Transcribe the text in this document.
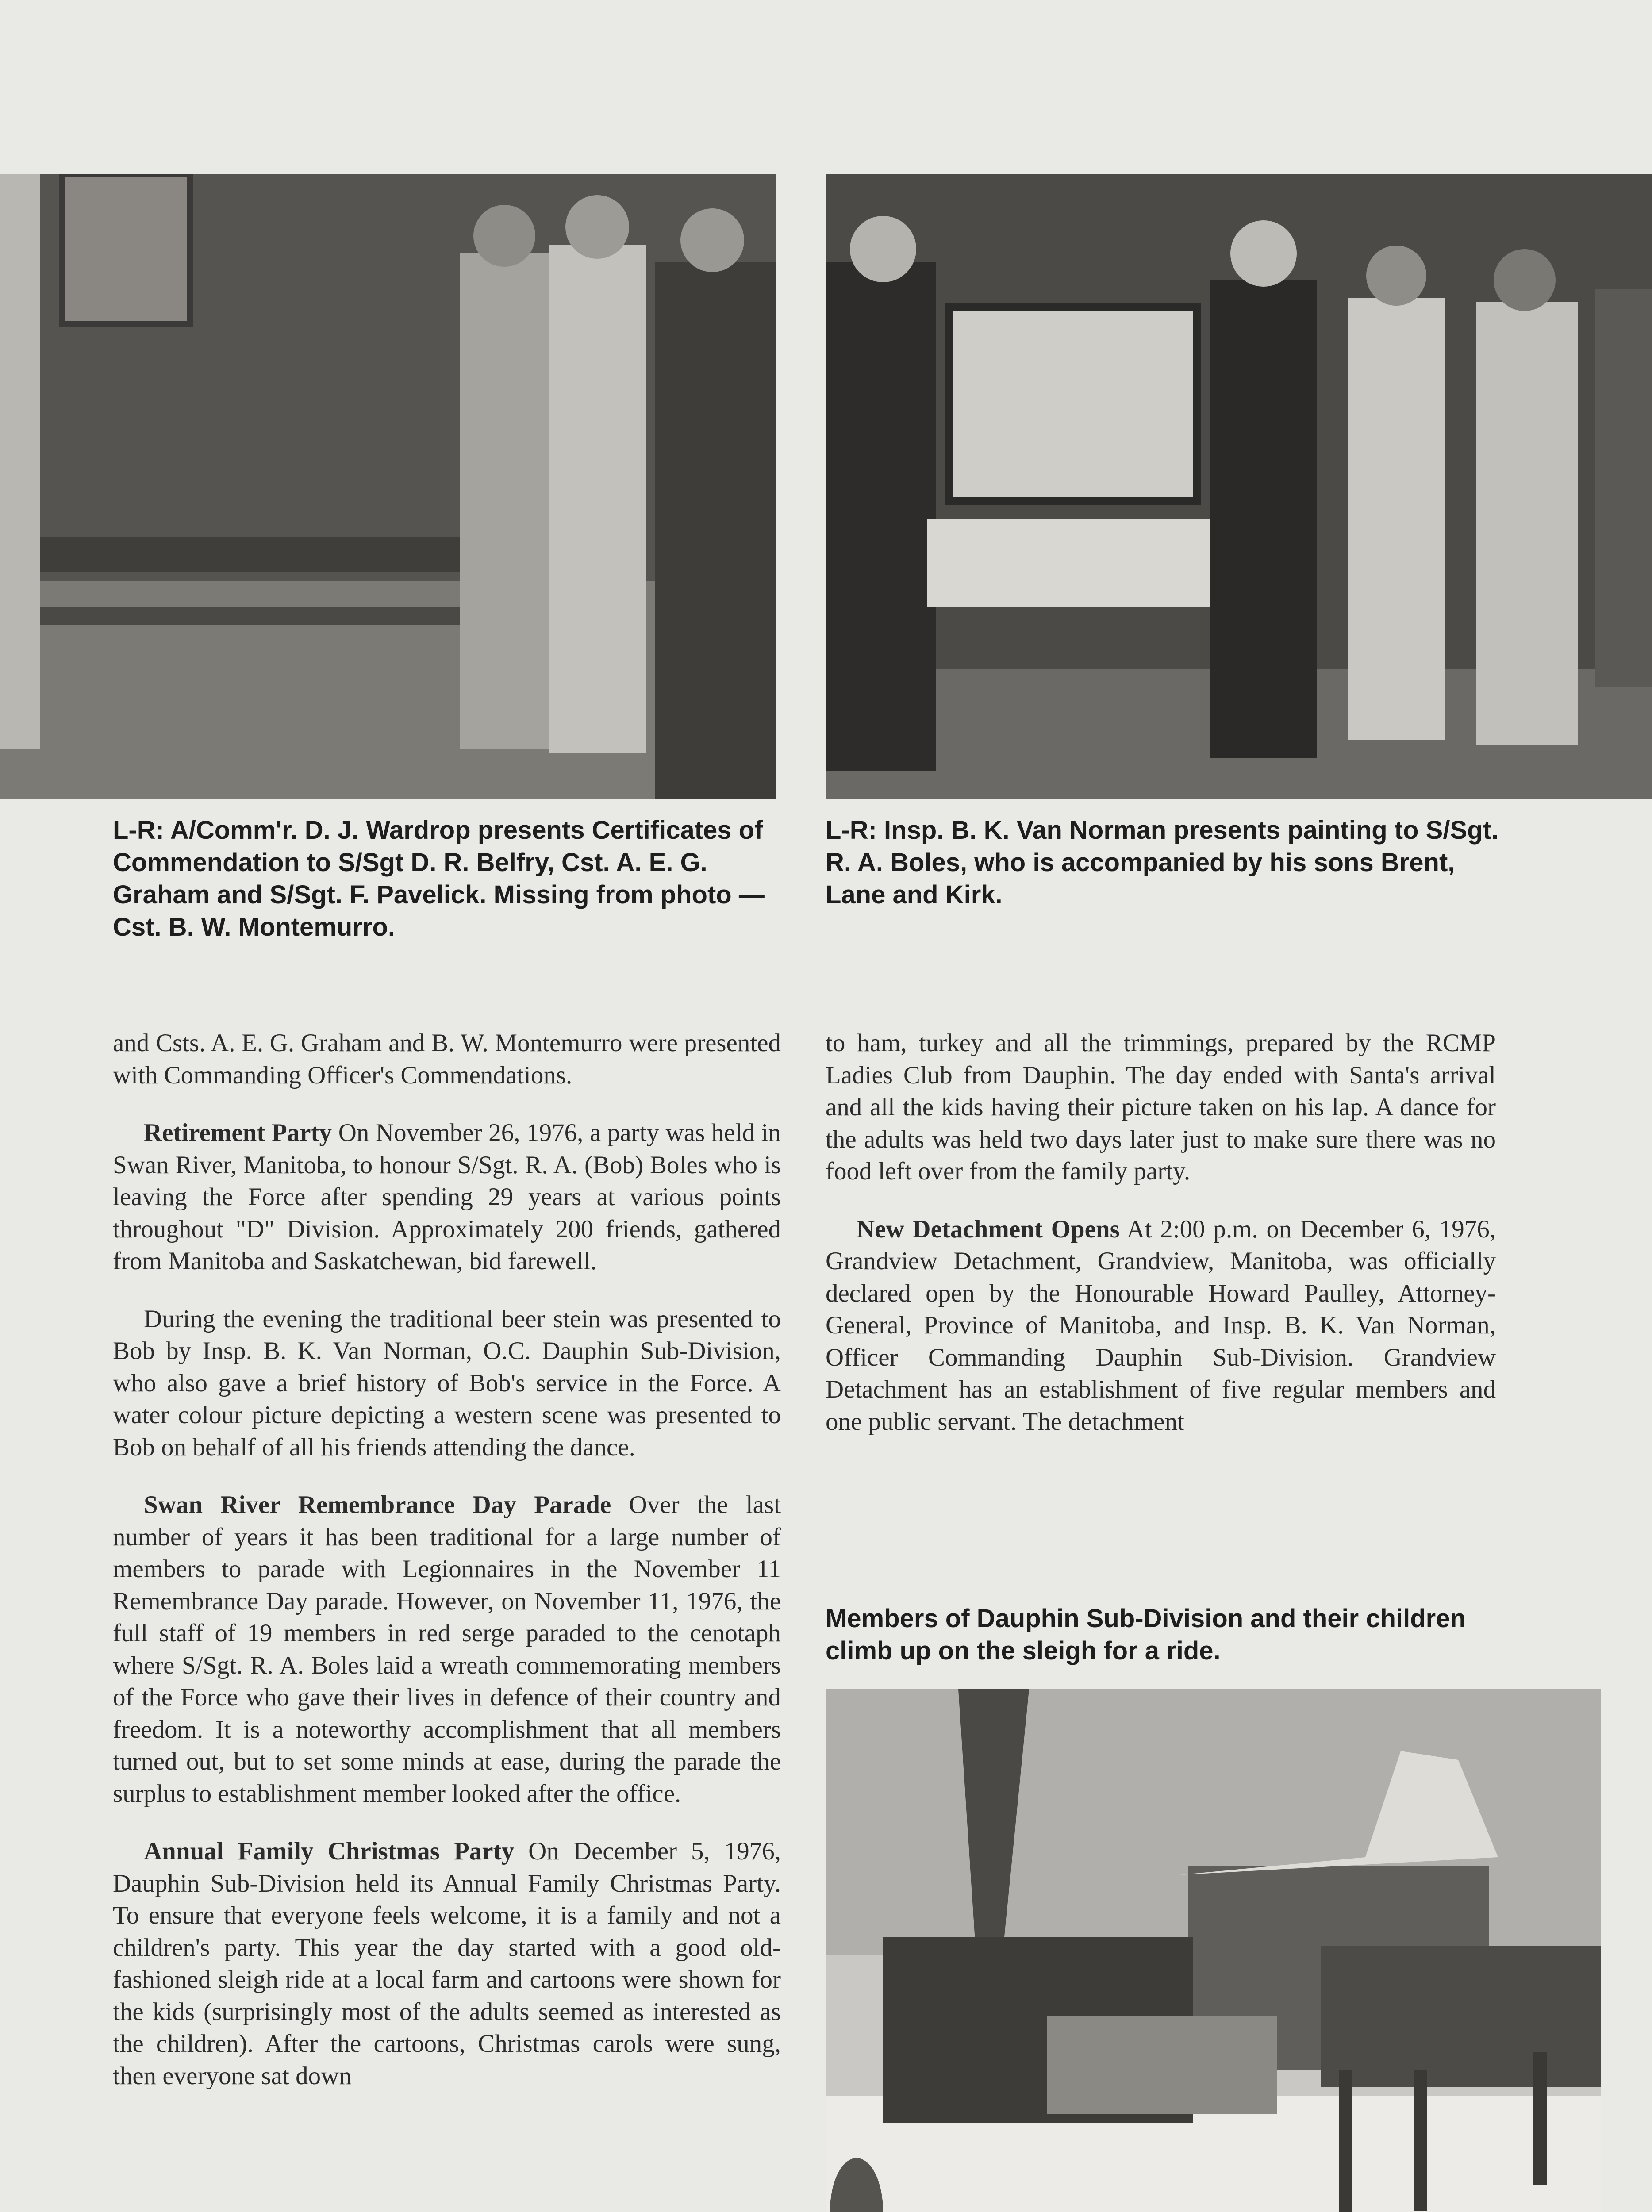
L-R: A/Comm'r. D. J. Wardrop presents Certificates of Commendation to S/Sgt D. R. Belfry, Cst. A. E. G. Graham and S/Sgt. F. Pavelick. Missing from photo — Cst. B. W. Montemurro.
L-R: Insp. B. K. Van Norman presents painting to S/Sgt. R. A. Boles, who is accompanied by his sons Brent, Lane and Kirk.

and Csts. A. E. G. Graham and B. W. Montemurro were presented with Commanding Officer's Commendations.

Retirement Party On November 26, 1976, a party was held in Swan River, Manitoba, to honour S/Sgt. R. A. (Bob) Boles who is leaving the Force after spending 29 years at various points throughout "D" Division. Approximately 200 friends, gathered from Manitoba and Saskatchewan, bid farewell.

During the evening the traditional beer stein was presented to Bob by Insp. B. K. Van Norman, O.C. Dauphin Sub-Division, who also gave a brief history of Bob's service in the Force. A water colour picture depicting a western scene was presented to Bob on behalf of all his friends attending the dance.

Swan River Remembrance Day Parade Over the last number of years it has been traditional for a large number of members to parade with Legionnaires in the November 11 Remembrance Day parade. However, on November 11, 1976, the full staff of 19 members in red serge paraded to the cenotaph where S/Sgt. R. A. Boles laid a wreath commemorating members of the Force who gave their lives in defence of their country and freedom. It is a noteworthy accomplishment that all members turned out, but to set some minds at ease, during the parade the surplus to establishment member looked after the office.

Annual Family Christmas Party On December 5, 1976, Dauphin Sub-Division held its Annual Family Christmas Party. To ensure that everyone feels welcome, it is a family and not a children's party. This year the day started with a good old-fashioned sleigh ride at a local farm and cartoons were shown for the kids (surprisingly most of the adults seemed as interested as the children). After the cartoons, Christmas carols were sung, then everyone sat down

to ham, turkey and all the trimmings, prepared by the RCMP Ladies Club from Dauphin. The day ended with Santa's arrival and all the kids having their picture taken on his lap. A dance for the adults was held two days later just to make sure there was no food left over from the family party.

New Detachment Opens At 2:00 p.m. on December 6, 1976, Grandview Detachment, Grandview, Manitoba, was officially declared open by the Honourable Howard Paulley, Attorney-General, Province of Manitoba, and Insp. B. K. Van Norman, Officer Commanding Dauphin Sub-Division. Grandview Detachment has an establishment of five regular members and one public servant. The detachment

Members of Dauphin Sub-Division and their children climb up on the sleigh for a ride.
